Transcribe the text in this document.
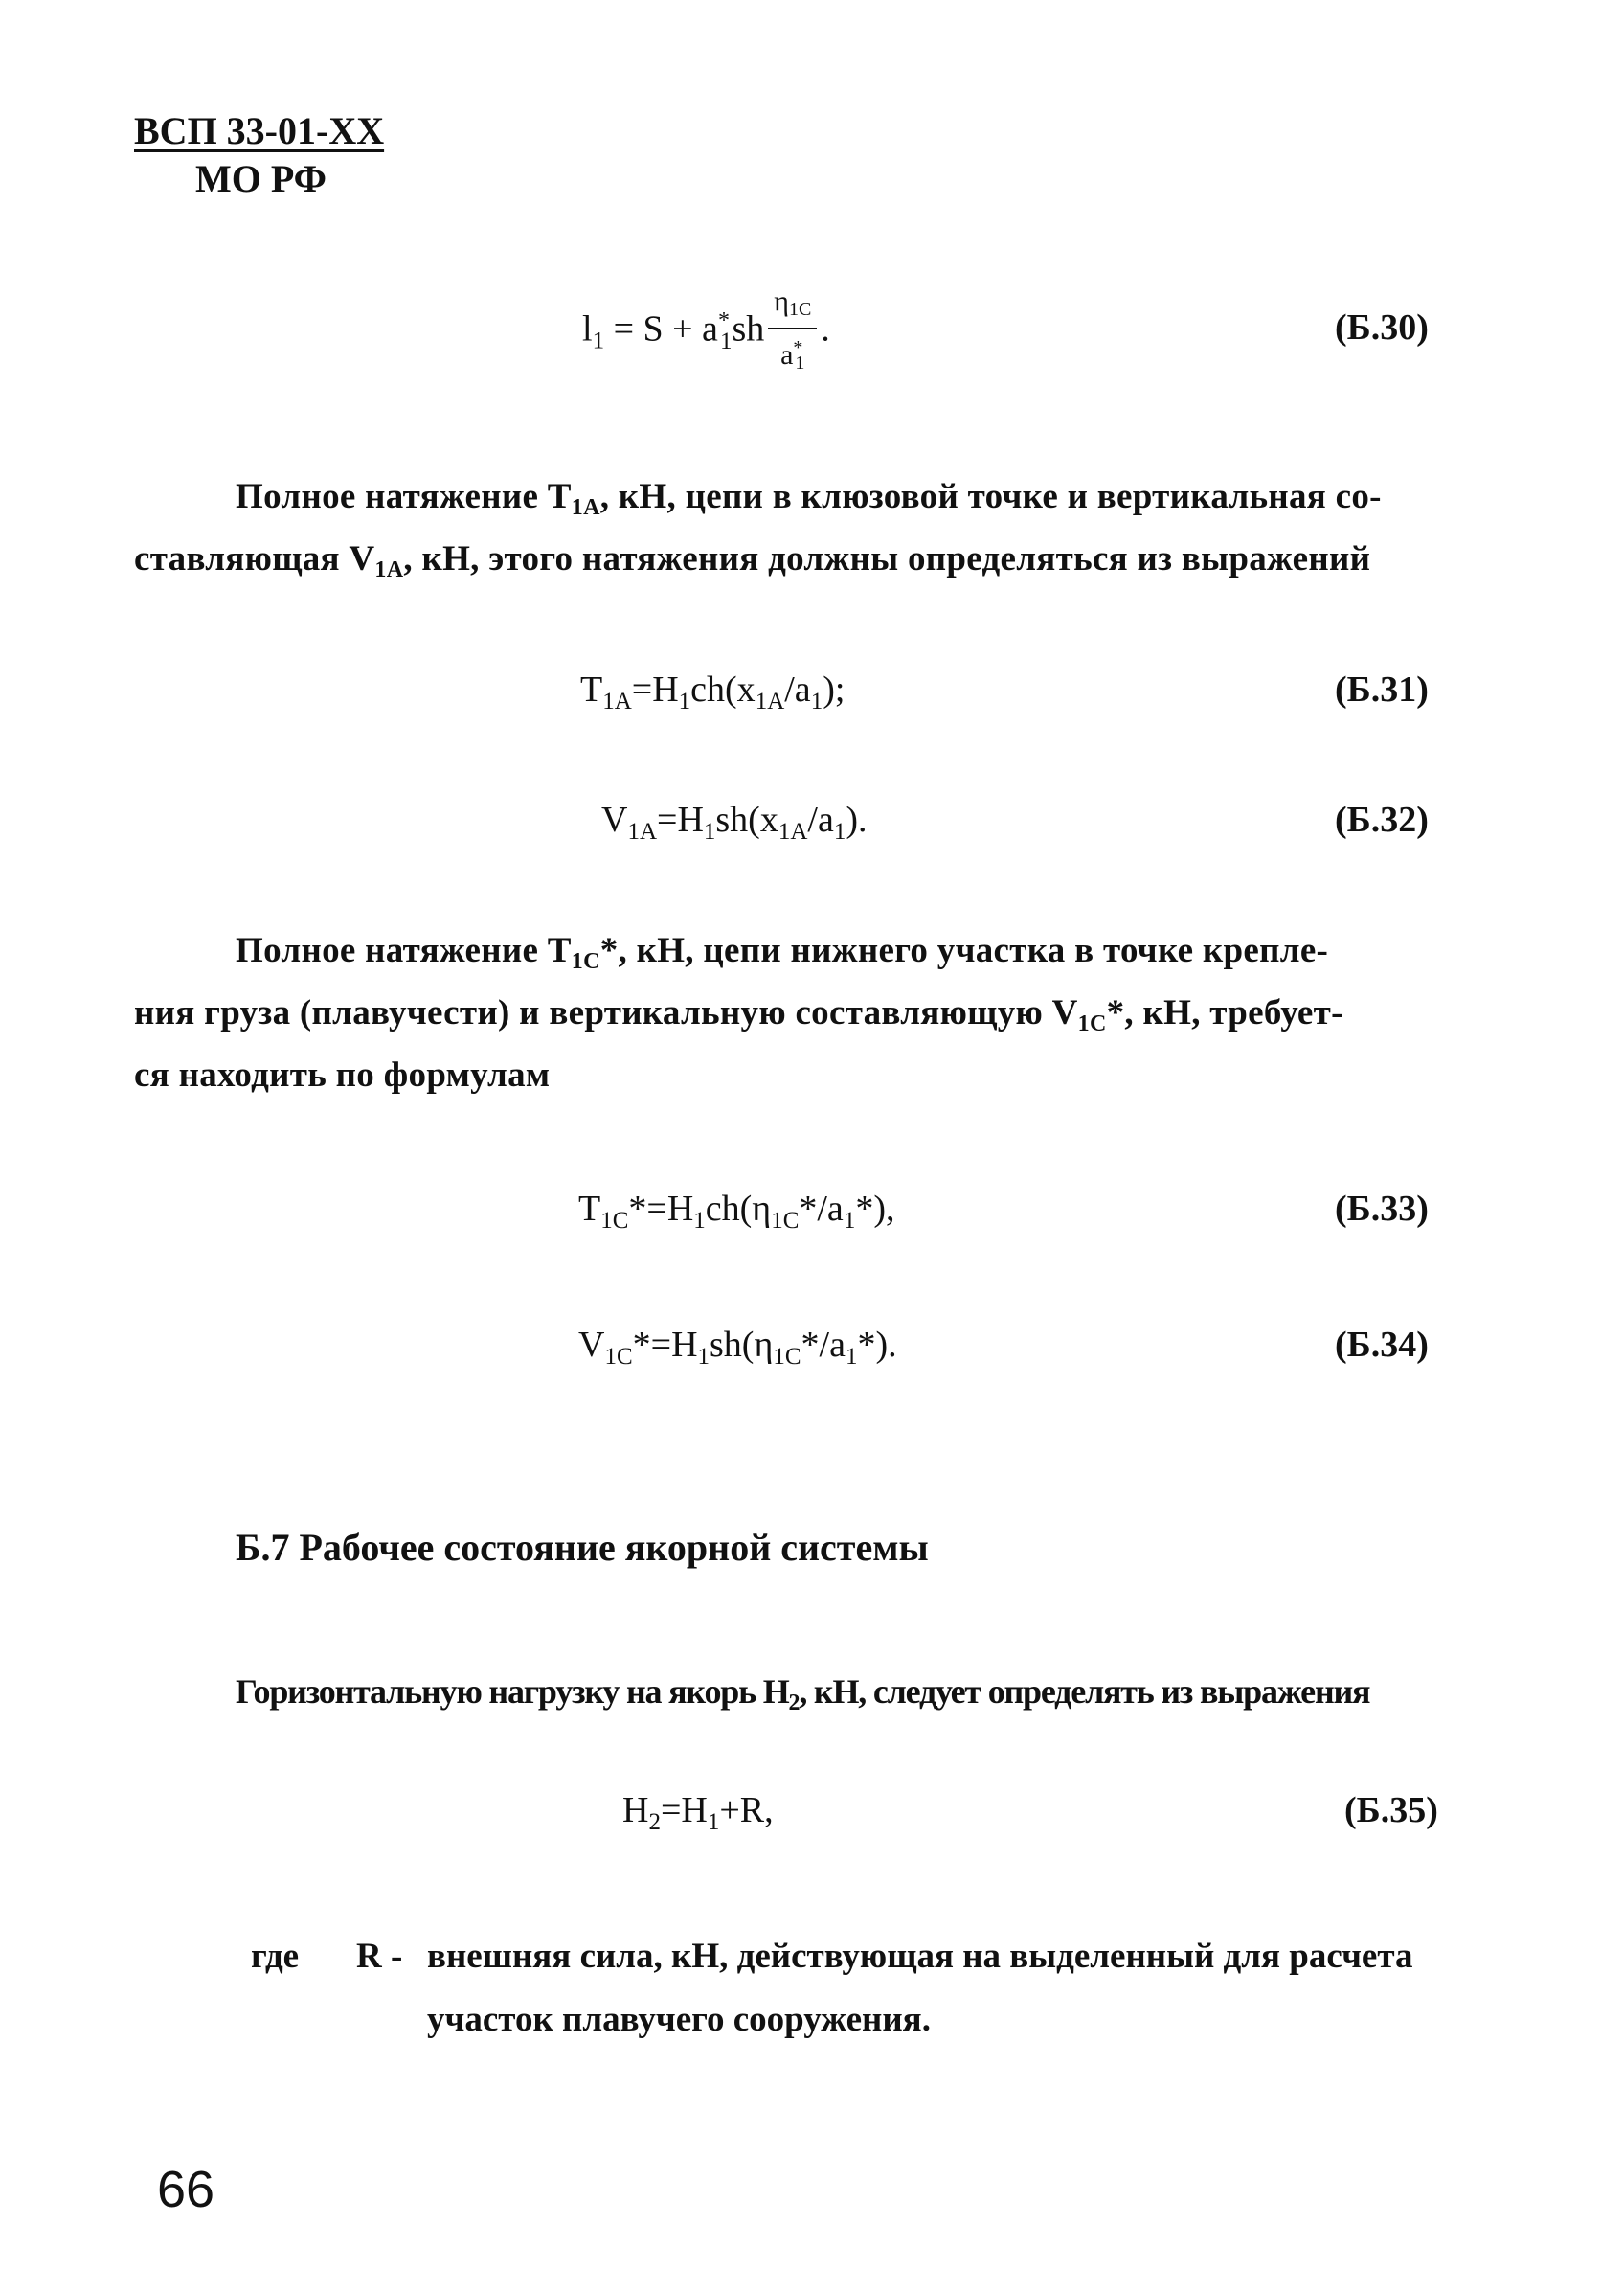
ВСП 33-01-XX
МО РФ
$l_1 = S + a^*_1sh \frac{\eta_{1C}}{a^*_1}$ .	(Б.30)
Полное натяжение $T_{1A}$, кН, цепи в клюзовой точке и вертикальная со-
ставляющая $V_{1A}$, кН, этого натяжения должны определяться из выражений
$T_{1A}=H_1ch(x_{1A}/a_1)$;	(Б.31)
$V_{1A}=H_1sh(x_{1A}/a_1)$.	(Б.32)
Полное натяжение $T_{1C}*$, кН, цепи нижнего участка в точке крепле-
ния груза (плавучести) и вертикальную составляющую $V_{1C}*$, кН, требует-
ся находить по формулам
$T_{1C}*=H_1ch(\eta_{1C}*/a_1*)$,	(Б.33)
$V_{1C}*=H_1sh(\eta_{1C}*/a_1*)$.	(Б.34)
Б.7 Рабочее состояние якорной системы
Горизонтальную нагрузку на якорь $H_2$, кН, следует определять из выражения
$H_2=H_1+R$,	(Б.35)
где R - внешняя сила, кН, действующая на выделенный для расчета
участок плавучего сооружения.
66
